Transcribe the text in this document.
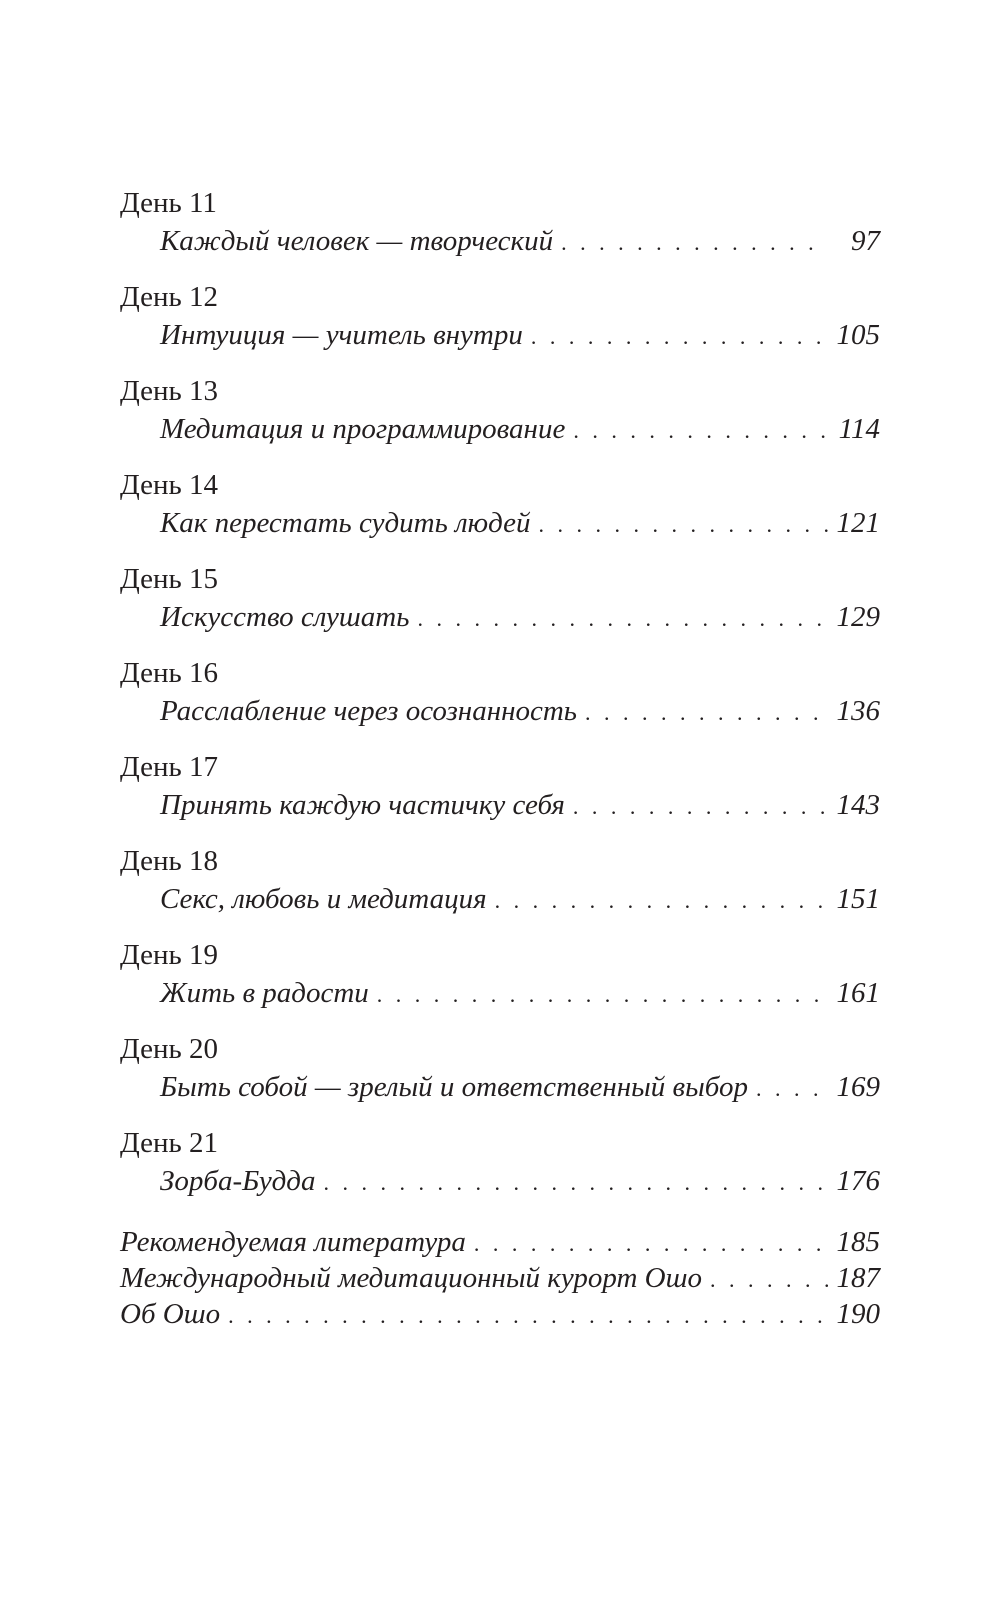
День 11
Каждый человек — творческий . . .	97
День 12
Интуиция — учитель внутри . . .	105
День 13
Медитация и программирование . . .	114
День 14
Как перестать судить людей . . .	121
День 15
Искусство слушать . . .	129
День 16
Расслабление через осознанность . . .	136
День 17
Принять каждую частичку себя . . .	143
День 18
Секс, любовь и медитация . . .	151
День 19
Жить в радости . . .	161
День 20
Быть собой — зрелый и ответственный выбор . . .	169
День 21
Зорба-Будда . . .	176
Рекомендуемая литература . . .	185
Международный медитационный курорт Ошо . . .	187
Об Ошо . . .	190
